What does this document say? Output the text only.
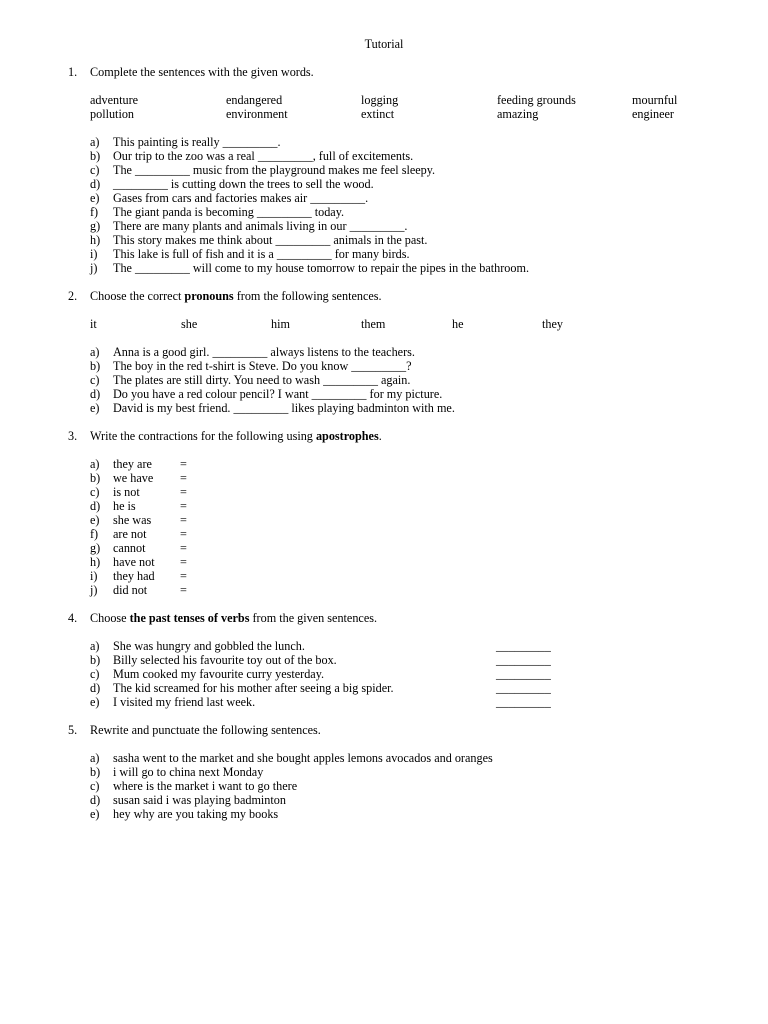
Tutorial
1. Complete the sentences with the given words.
adventure	endangered	logging	feeding grounds	mournful
pollution	environment	extinct	amazing	engineer
a) This painting is really _________.
b) Our trip to the zoo was a real _________, full of excitements.
c) The _________ music from the playground makes me feel sleepy.
d) _________ is cutting down the trees to sell the wood.
e) Gases from cars and factories makes air _________.
f) The giant panda is becoming _________ today.
g) There are many plants and animals living in our _________.
h) This story makes me think about _________ animals in the past.
i) This lake is full of fish and it is a _________ for many birds.
j) The _________ will come to my house tomorrow to repair the pipes in the bathroom.
2. Choose the correct pronouns from the following sentences.
it	she	him	them	he	they
a) Anna is a good girl. _________ always listens to the teachers.
b) The boy in the red t-shirt is Steve. Do you know _________?
c) The plates are still dirty. You need to wash _________ again.
d) Do you have a red colour pencil? I want _________ for my picture.
e) David is my best friend. _________ likes playing badminton with me.
3. Write the contractions for the following using apostrophes.
a) they are =
b) we have =
c) is not	=
d) he is	=
e) she was =
f) are not	=
g) cannot	=
h) have not =
i) they had =
j) did not	=
4. Choose the past tenses of verbs from the given sentences.
a) She was hungry and gobbled the lunch.	_________
b) Billy selected his favourite toy out of the box.	_________
c) Mum cooked my favourite curry yesterday.	_________
d) The kid screamed for his mother after seeing a big spider.	_________
e) I visited my friend last week.	_________
5. Rewrite and punctuate the following sentences.
a) sasha went to the market and she bought apples lemons avocados and oranges
b) i will go to china next Monday
c) where is the market i want to go there
d) susan said i was playing badminton
e) hey why are you taking my books
